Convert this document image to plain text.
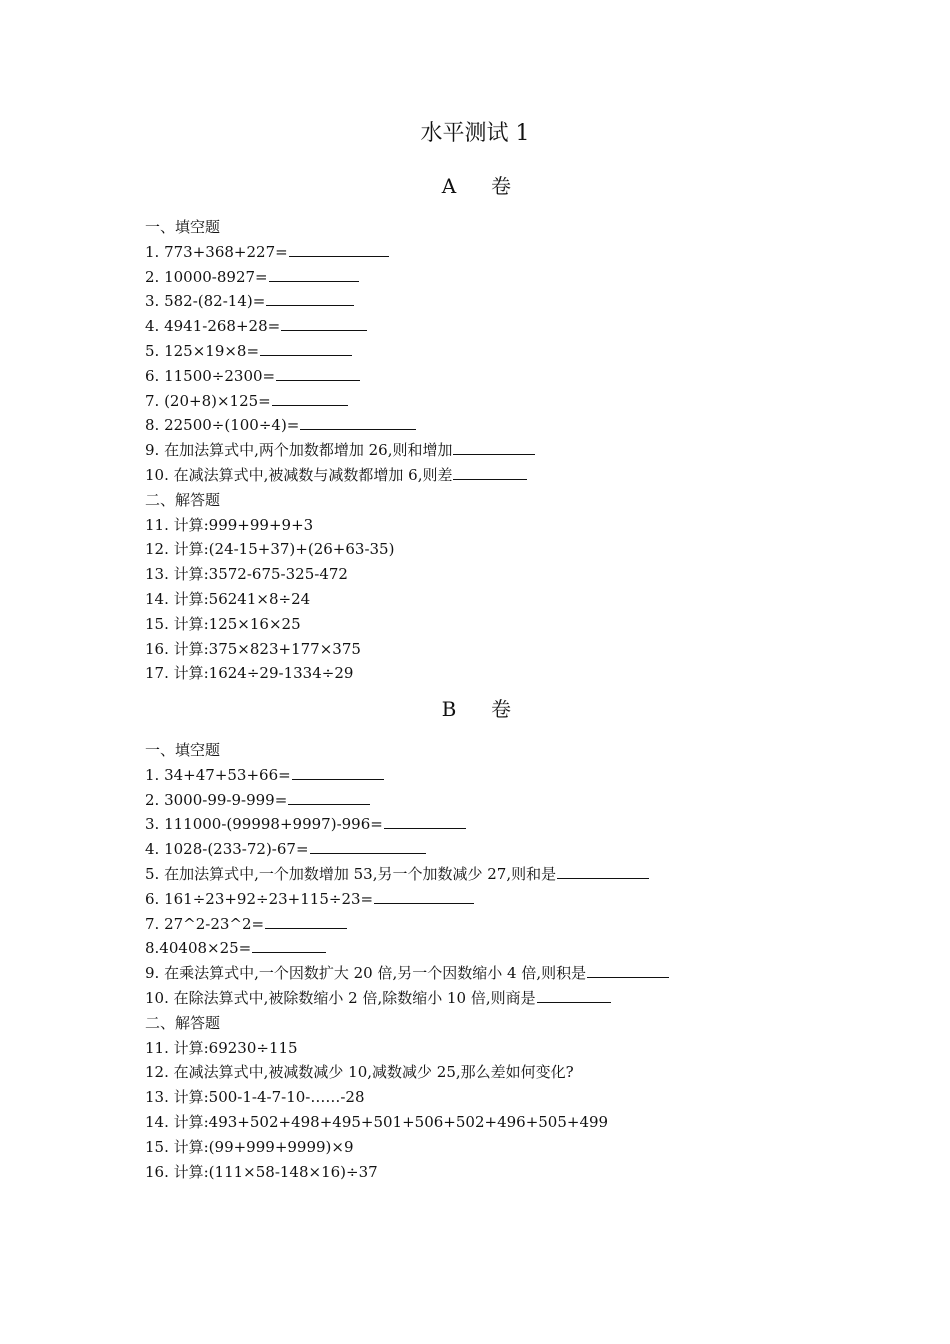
水平测试 1
A 卷
一、填空题
1. 773+368+227=
2. 10000-8927=
3. 582-(82-14)=
4. 4941-268+28=
5. 125×19×8=
6. 11500÷2300=
7. (20+8)×125=
8. 22500÷(100÷4)=
9. 在加法算式中,两个加数都增加 26,则和增加
10. 在减法算式中,被减数与减数都增加 6,则差
二、解答题
11. 计算:999+99+9+3
12. 计算:(24-15+37)+(26+63-35)
13. 计算:3572-675-325-472
14. 计算:56241×8÷24
15. 计算:125×16×25
16. 计算:375×823+177×375
17. 计算:1624÷29-1334÷29
B 卷
一、填空题
1. 34+47+53+66=
2. 3000-99-9-999=
3. 111000-(99998+9997)-996=
4. 1028-(233-72)-67=
5. 在加法算式中,一个加数增加 53,另一个加数减少 27,则和是
6. 161÷23+92÷23+115÷23=
7. 27^2-23^2=
8.40408×25=
9. 在乘法算式中,一个因数扩大 20 倍,另一个因数缩小 4 倍,则积是
10. 在除法算式中,被除数缩小 2 倍,除数缩小 10 倍,则商是
二、解答题
11. 计算:69230÷115
12. 在减法算式中,被减数减少 10,减数减少 25,那么差如何变化?
13. 计算:500-1-4-7-10-……-28
14. 计算:493+502+498+495+501+506+502+496+505+499
15. 计算:(99+999+9999)×9
16. 计算:(111×58-148×16)÷37
